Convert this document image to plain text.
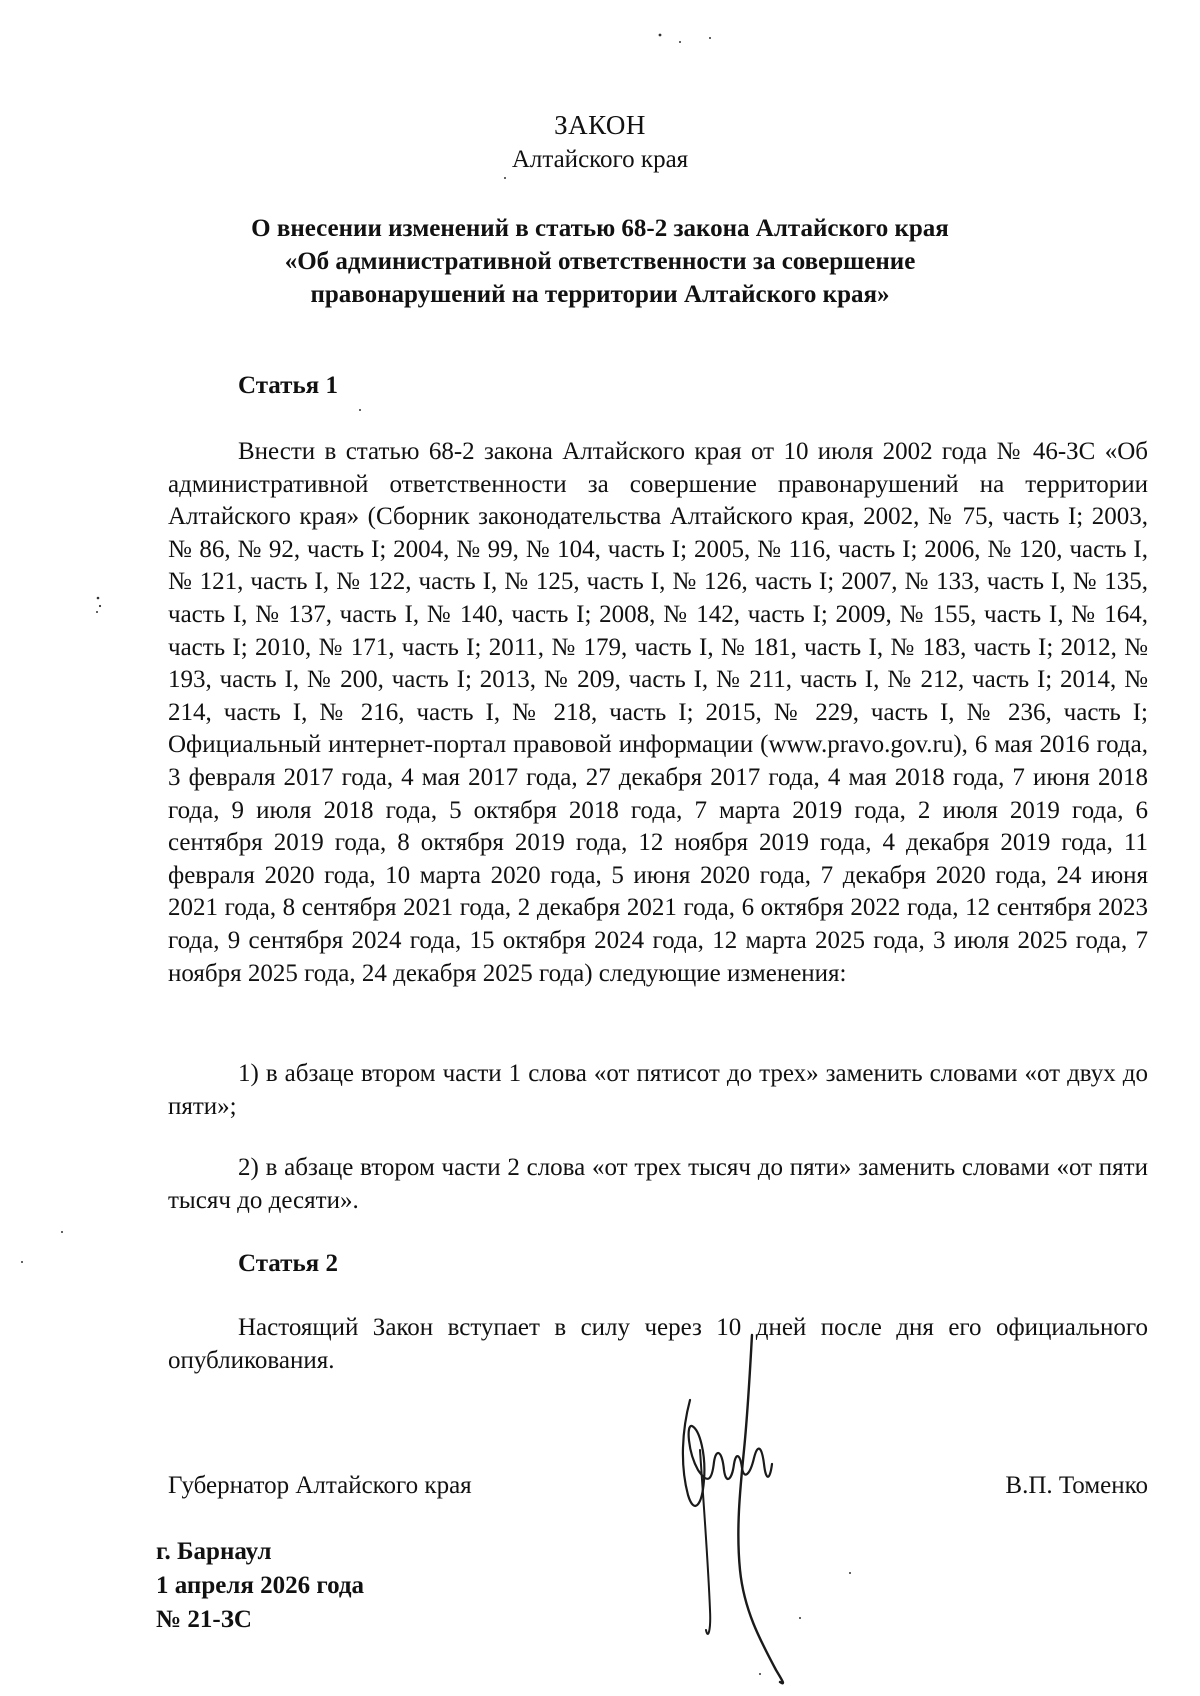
ЗАКОН
Алтайского края
О внесении изменений в статью 68-2 закона Алтайского края
«Об административной ответственности за совершение
правонарушений на территории Алтайского края»
Статья 1
Внести в статью 68-2 закона Алтайского края от 10 июля 2002 года № 46-ЗС «Об административной ответственности за совершение правонарушений на территории Алтайского края» (Сборник законодательства Алтайского края, 2002, № 75, часть I; 2003, № 86, № 92, часть I; 2004, № 99, № 104, часть I; 2005, № 116, часть I; 2006, № 120, часть I, № 121, часть I, № 122, часть I, № 125, часть I, № 126, часть I; 2007, № 133, часть I, № 135, часть I, № 137, часть I, № 140, часть I; 2008, № 142, часть I; 2009, № 155, часть I, № 164, часть I; 2010, № 171, часть I; 2011, № 179, часть I, № 181, часть I, № 183, часть I; 2012, № 193, часть I, № 200, часть I; 2013, № 209, часть I, № 211, часть I, № 212, часть I; 2014, № 214, часть I, № 216, часть I, № 218, часть I; 2015, № 229, часть I, № 236, часть I; Официальный интернет-портал правовой информации (www.pravo.gov.ru), 6 мая 2016 года, 3 февраля 2017 года, 4 мая 2017 года, 27 декабря 2017 года, 4 мая 2018 года, 7 июня 2018 года, 9 июля 2018 года, 5 октября 2018 года, 7 марта 2019 года, 2 июля 2019 года, 6 сентября 2019 года, 8 октября 2019 года, 12 ноября 2019 года, 4 декабря 2019 года, 11 февраля 2020 года, 10 марта 2020 года, 5 июня 2020 года, 7 декабря 2020 года, 24 июня 2021 года, 8 сентября 2021 года, 2 декабря 2021 года, 6 октября 2022 года, 12 сентября 2023 года, 9 сентября 2024 года, 15 октября 2024 года, 12 марта 2025 года, 3 июля 2025 года, 7 ноября 2025 года, 24 декабря 2025 года) следующие изменения:
1) в абзаце втором части 1 слова «от пятисот до трех» заменить словами «от двух до пяти»;
2) в абзаце втором части 2 слова «от трех тысяч до пяти» заменить словами «от пяти тысяч до десяти».
Статья 2
Настоящий Закон вступает в силу через 10 дней после дня его официального опубликования.
Губернатор Алтайского края	В.П. Томенко
г. Барнаул
1 апреля 2026 года
№ 21-ЗС
